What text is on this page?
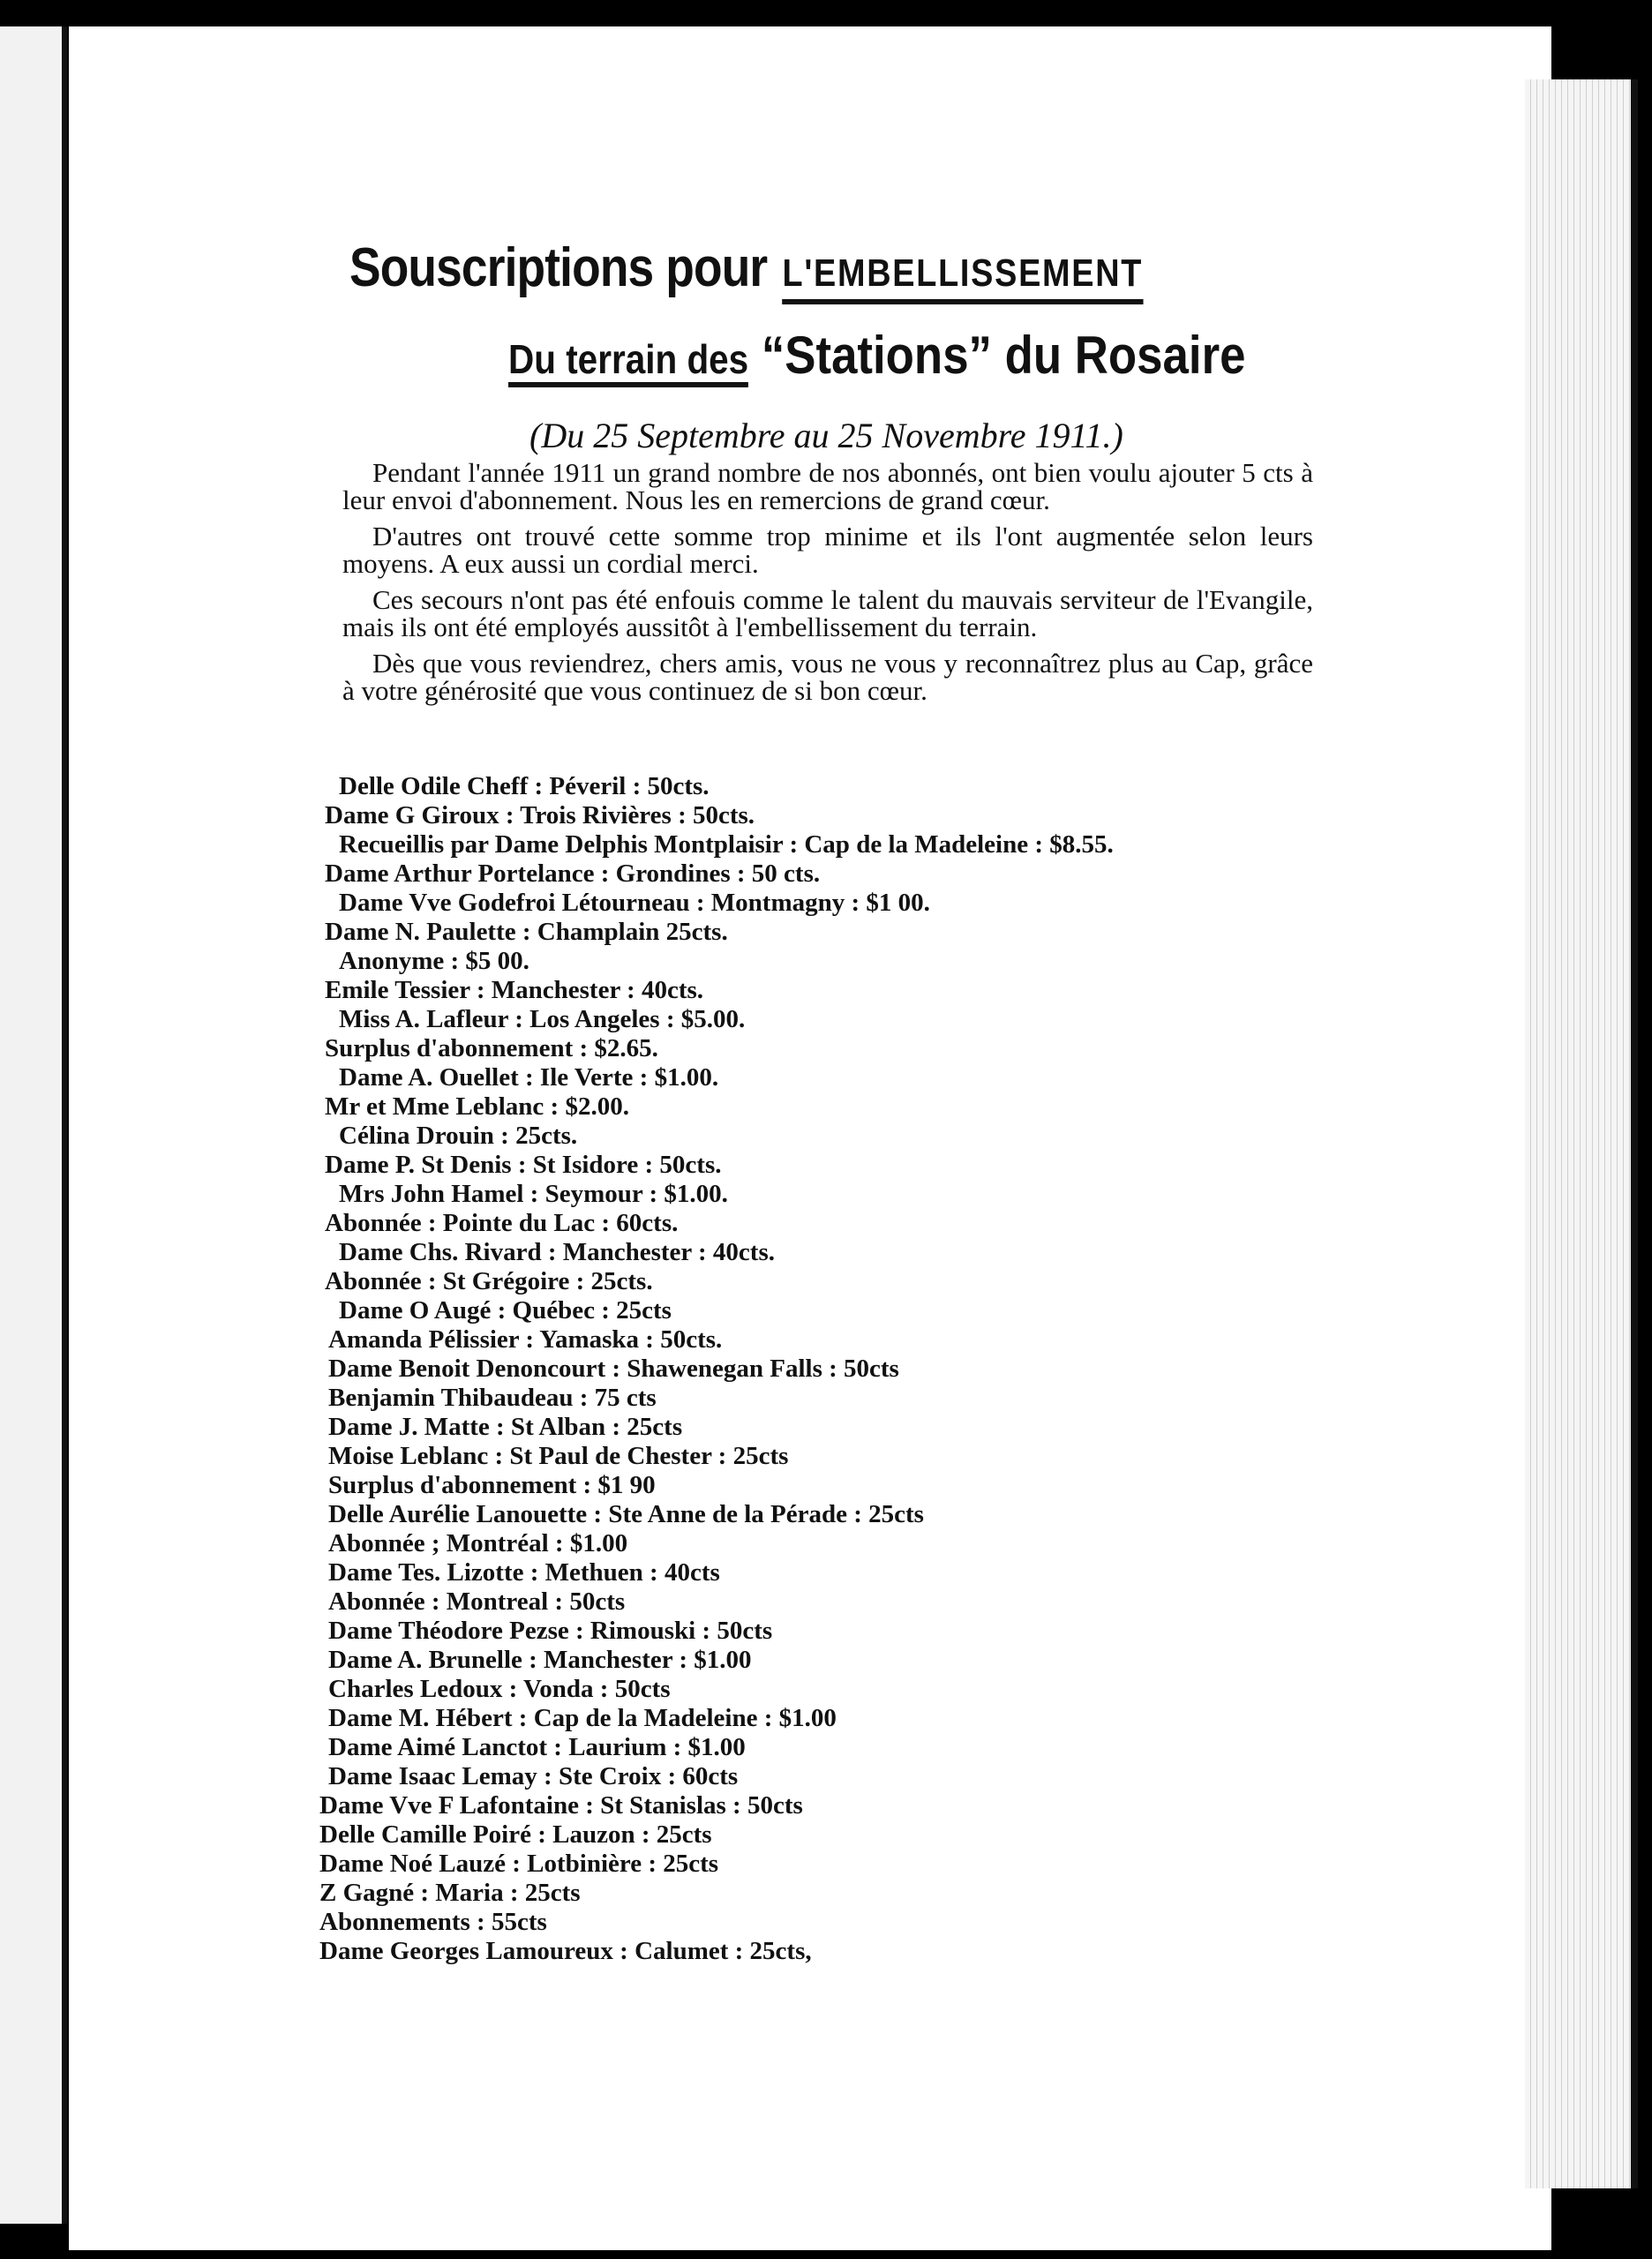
Souscriptions pour L'EMBELLISSEMENT
Du terrain des “Stations” du Rosaire
(Du 25 Septembre au 25 Novembre 1911.)

Pendant l'année 1911 un grand nombre de nos abonnés, ont bien voulu ajouter 5 cts à leur envoi d'abonnement. Nous les en remercions de grand cœur.

D'autres ont trouvé cette somme trop minime et ils l'ont augmentée selon leurs moyens. A eux aussi un cordial merci.

Ces secours n'ont pas été enfouis comme le talent du mauvais serviteur de l'Evangile, mais ils ont été employés aussitôt à l'embellissement du terrain.

Dès que vous reviendrez, chers amis, vous ne vous y reconnaîtrez plus au Cap, grâce à votre générosité que vous continuez de si bon cœur.

Delle Odile Cheff : Péveril : 50cts.
Dame G Giroux : Trois Rivières : 50cts.
Recueillis par Dame Delphis Montplaisir : Cap de la Madeleine : $8.55.
Dame Arthur Portelance : Grondines : 50 cts.
Dame Vve Godefroi Létourneau : Montmagny : $1 00.
Dame N. Paulette : Champlain 25cts.
Anonyme : $5 00.
Emile Tessier : Manchester : 40cts.
Miss A. Lafleur : Los Angeles : $5.00.
Surplus d'abonnement : $2.65.
Dame A. Ouellet : Ile Verte : $1.00.
Mr et Mme Leblanc : $2.00.
Célina Drouin : 25cts.
Dame P. St Denis : St Isidore : 50cts.
Mrs John Hamel : Seymour : $1.00.
Abonnée : Pointe du Lac : 60cts.
Dame Chs. Rivard : Manchester : 40cts.
Abonnée : St Grégoire : 25cts.
Dame O Augé : Québec : 25cts
Amanda Pélissier : Yamaska : 50cts.
Dame Benoit Denoncourt : Shawenegan Falls : 50cts
Benjamin Thibaudeau : 75 cts
Dame J. Matte : St Alban : 25cts
Moise Leblanc : St Paul de Chester : 25cts
Surplus d'abonnement : $1 90
Delle Aurélie Lanouette : Ste Anne de la Pérade : 25cts
Abonnée ; Montréal : $1.00
Dame Tes. Lizotte : Methuen : 40cts
Abonnée : Montreal : 50cts
Dame Théodore Pezse : Rimouski : 50cts
Dame A. Brunelle : Manchester : $1.00
Charles Ledoux : Vonda : 50cts
Dame M. Hébert : Cap de la Madeleine : $1.00
Dame Aimé Lanctot : Laurium : $1.00
Dame Isaac Lemay : Ste Croix : 60cts
Dame Vve F Lafontaine : St Stanislas : 50cts
Delle Camille Poiré : Lauzon : 25cts
Dame Noé Lauzé : Lotbinière : 25cts
Z Gagné : Maria : 25cts
Abonnements : 55cts
Dame Georges Lamoureux : Calumet : 25cts,
